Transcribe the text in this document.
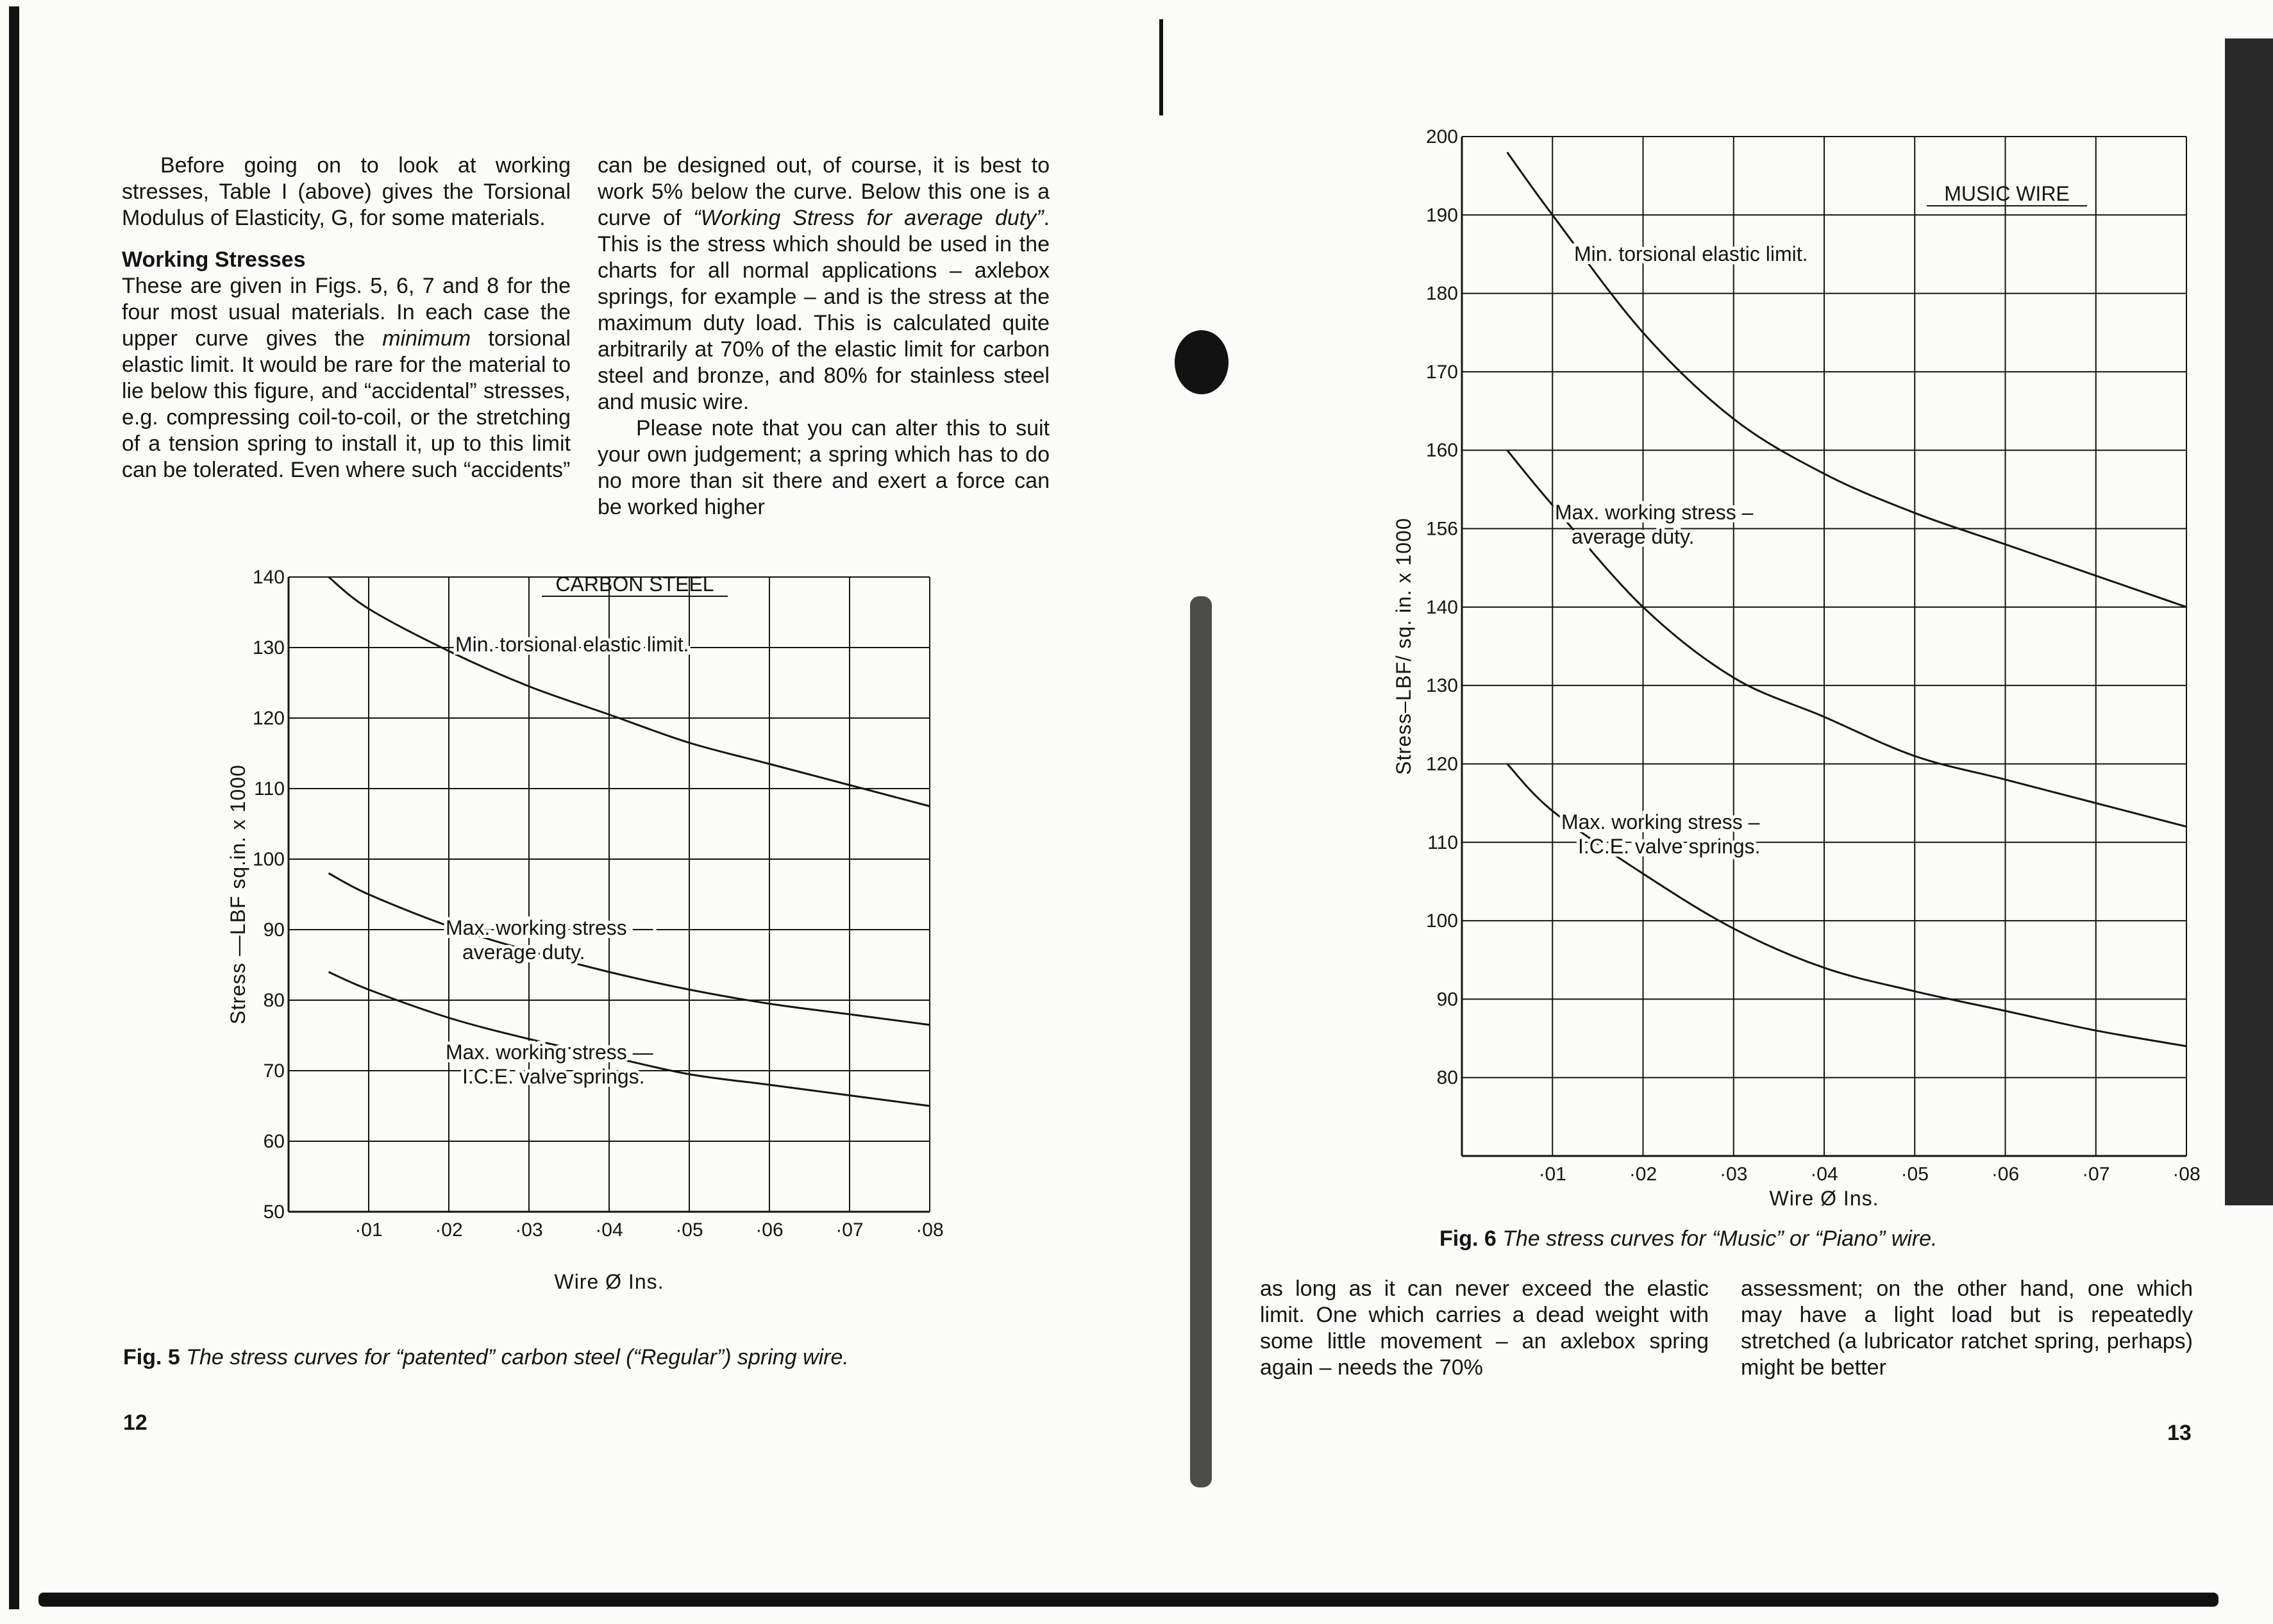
Before going on to look at working stresses, Table I (above) gives the Torsional Modulus of Elasticity, G, for some materials.

Working Stresses

These are given in Figs. 5, 6, 7 and 8 for the four most usual materials. In each case the upper curve gives the minimum torsional elastic limit. It would be rare for the material to lie below this figure, and “accidental” stresses, e.g. compressing coil-to-coil, or the stretching of a tension spring to install it, up to this limit can be tolerated. Even where such “accidents”

can be designed out, of course, it is best to work 5% below the curve. Below this one is a curve of “Working Stress for average duty”. This is the stress which should be used in the charts for all normal applications – axlebox springs, for example – and is the stress at the maximum duty load. This is calculated quite arbitrarily at 70% of the elastic limit for carbon steel and bronze, and 80% for stainless steel and music wire.

Please note that you can alter this to suit your own judgement; a spring which has to do no more than sit there and exert a force can be worked higher

CARBON STEEL
50
60
70
80
90
100
110
120
130
140
·01	·02	·03	·04	·05	·06	·07	·08
Wire Ø Ins.
Stress —LBF sq.in. x 1000
Min. torsional elastic limit.
Max. working stress —
average duty.
Max. working stress —
I.C.E. valve springs.
Fig. 5 The stress curves for “patented” carbon steel (“Regular”) spring wire.
12
MUSIC WIRE
80
90
100
110
120
130
140
156
160
170
180
190
200
·01	·02	·03	·04	·05	·06	·07	·08
Wire Ø Ins.
Stress–LBF/ sq. in. x 1000
Min. torsional elastic limit.
Max. working stress –
average duty.
Max. working stress –
I.C.E. valve springs.
Fig. 6 The stress curves for “Music” or “Piano” wire.

as long as it can never exceed the elastic limit. One which carries a dead weight with some little movement – an axlebox spring again – needs the 70%

assessment; on the other hand, one which may have a light load but is repeatedly stretched (a lubricator ratchet spring, perhaps) might be better

13
